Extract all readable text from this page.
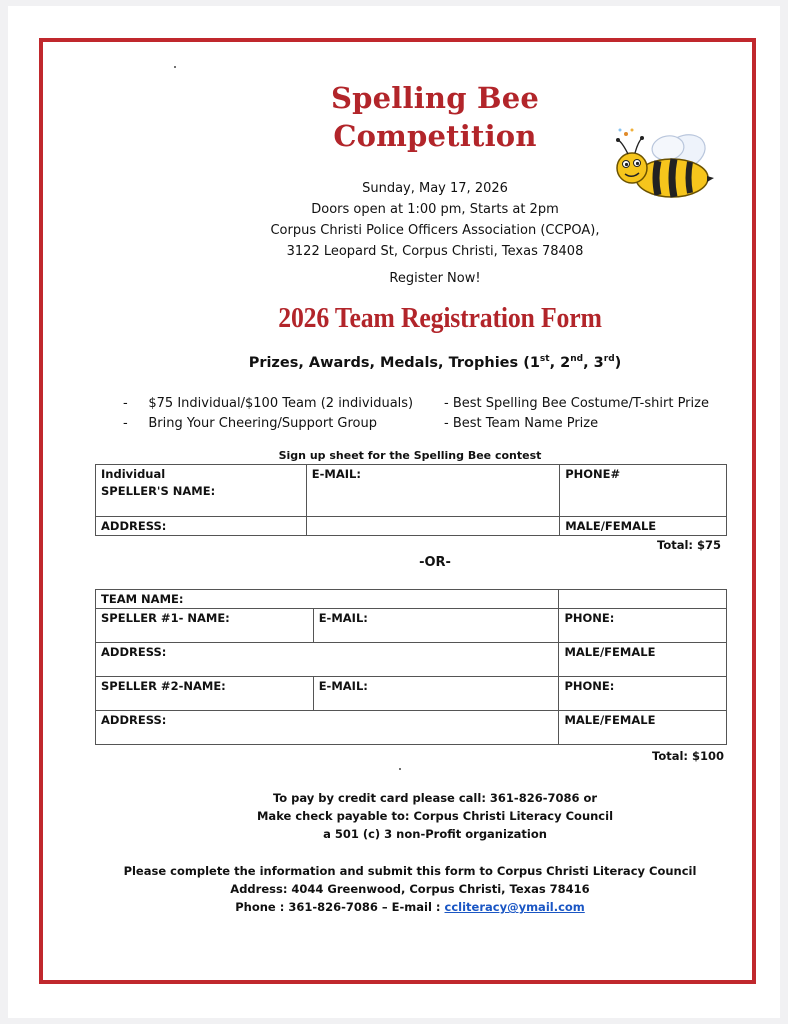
Spelling Bee
Competition
Sunday, May 17, 2026
Doors open at 1:00 pm, Starts at 2pm
Corpus Christi Police Officers Association (CCPOA),
3122 Leopard St, Corpus Christi, Texas 78408
Register Now!
2026 Team Registration Form
Prizes, Awards, Medals, Trophies (1st, 2nd, 3rd)
- $75 Individual/$100 Team (2 individuals)
- Bring Your Cheering/Support Group
- Best Spelling Bee Costume/T-shirt Prize
- Best Team Name Prize
Sign up sheet for the Spelling Bee contest
Individual
SPELLER'S NAME:	E-MAIL:	PHONE#
ADDRESS:		MALE/FEMALE
Total: $75
-OR-
TEAM NAME:		
SPELLER #1- NAME:	E-MAIL:	PHONE:
ADDRESS:		MALE/FEMALE
SPELLER #2-NAME:	E-MAIL:	PHONE:
ADDRESS:		MALE/FEMALE
Total: $100
To pay by credit card please call: 361-826-7086 or
Make check payable to: Corpus Christi Literacy Council
a 501 (c) 3 non-Profit organization
Please complete the information and submit this form to Corpus Christi Literacy Council
Address: 4044 Greenwood, Corpus Christi, Texas 78416
Phone : 361-826-7086 – E-mail : ccliteracy@ymail.com
